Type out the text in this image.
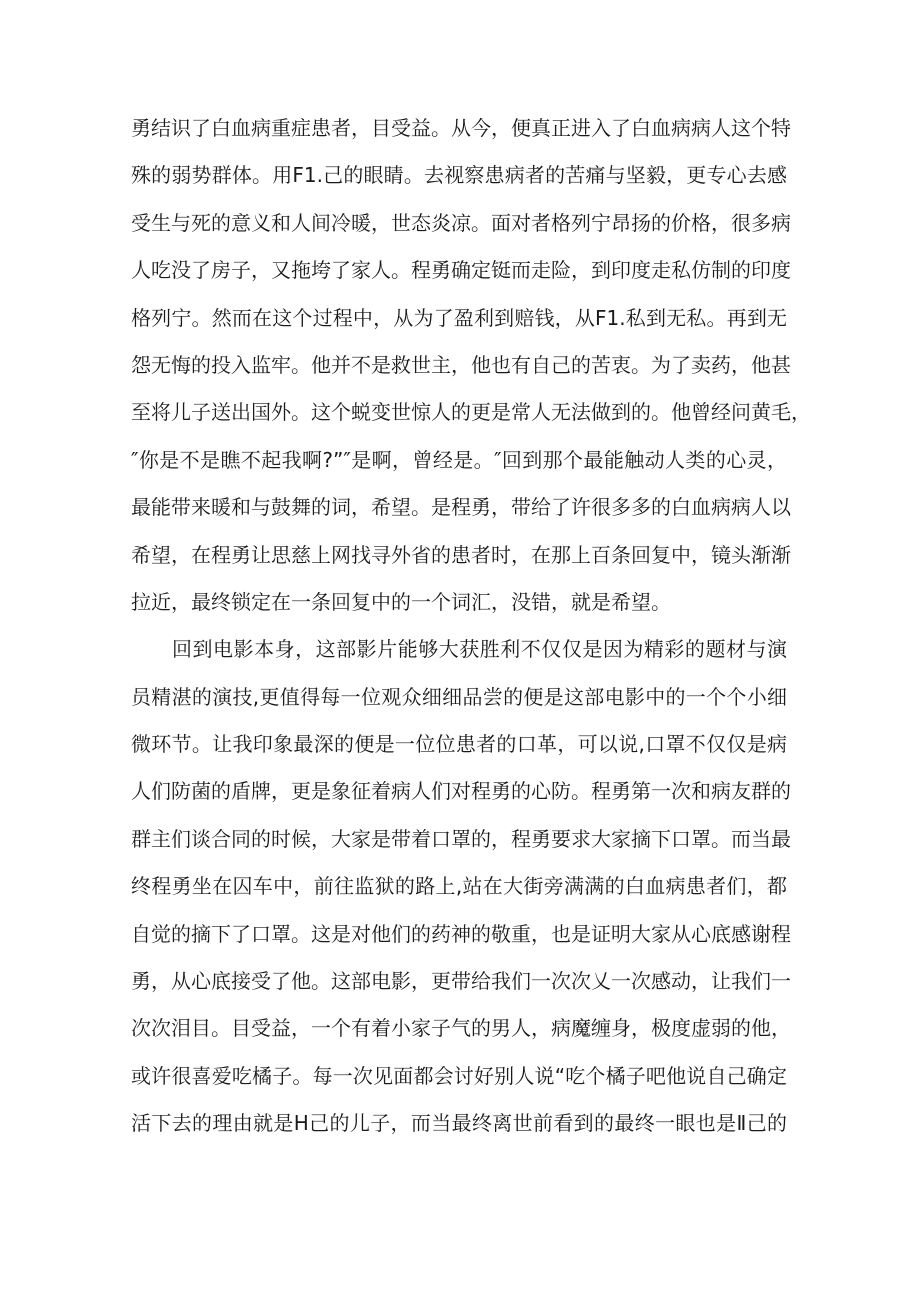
勇结识了白血病重症患者，目受益。从今，便真正进入了白血病病人这个特
殊的弱势群体。用F1.己的眼睛。去视察患病者的苦痛与坚毅，更专心去感
受生与死的意义和人间冷暖，世态炎凉。面对者格列宁昂扬的价格，很多病
人吃没了房子，又拖垮了家人。程勇确定铤而走险，到印度走私仿制的印度
格列宁。然而在这个过程中，从为了盈利到赔钱，从F1.私到无私。再到无
怨无悔的投入监牢。他并不是救世主，他也有自己的苦衷。为了卖药，他甚
至将儿子送出国外。这个蜕变世惊人的更是常人无法做到的。他曾经问黄毛，
″你是不是瞧不起我啊?”″是啊，曾经是。″回到那个最能触动人类的心灵，
最能带来暖和与鼓舞的词，希望。是程勇，带给了许很多多的白血病病人以
希望，在程勇让思慈上网找寻外省的患者时，在那上百条回复中，镜头渐渐
拉近，最终锁定在一条回复中的一个词汇，没错，就是希望。
回到电影本身，这部影片能够大获胜利不仅仅是因为精彩的题材与演
员精湛的演技,更值得每一位观众细细品尝的便是这部电影中的一个个小细
微环节。让我印象最深的便是一位位患者的口革，可以说,口罩不仅仅是病
人们防菌的盾牌，更是象征着病人们对程勇的心防。程勇第一次和病友群的
群主们谈合同的时候，大家是带着口罩的，程勇要求大家摘下口罩。而当最
终程勇坐在囚车中，前往监狱的路上,站在大街旁满满的白血病患者们，都
自觉的摘下了口罩。这是对他们的药神的敬重，也是证明大家从心底感谢程
勇，从心底接受了他。这部电影，更带给我们一次次乂一次感动，让我们一
次次泪目。目受益，一个有着小家子气的男人，病魔缠身，极度虚弱的他，
或许很喜爱吃橘子。每一次见面都会讨好别人说“吃个橘子吧他说自己确定
活下去的理由就是H己的儿子，而当最终离世前看到的最终一眼也是Ⅱ己的
